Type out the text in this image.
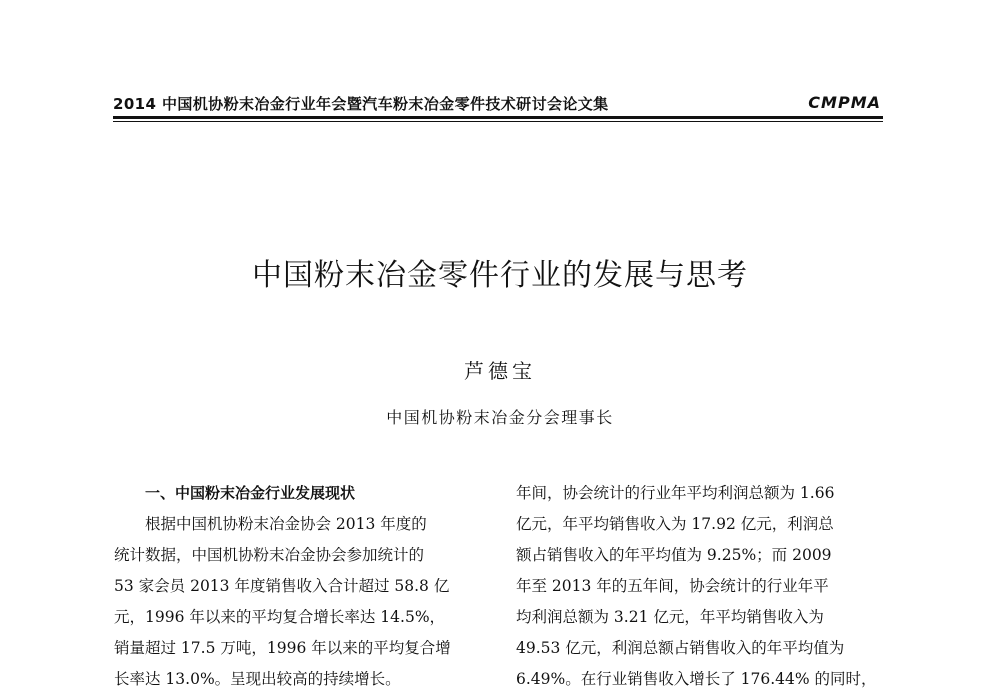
2014 中国机协粉末冶金行业年会暨汽车粉末冶金零件技术研讨会论文集	CMPMA
中国粉末冶金零件行业的发展与思考
芦德宝
中国机协粉末冶金分会理事长
一、中国粉末冶金行业发展现状
根据中国机协粉末冶金协会 2013 年度的
统计数据，中国机协粉末冶金协会参加统计的
53 家会员 2013 年度销售收入合计超过 58.8 亿
元，1996 年以来的平均复合增长率达 14.5%，
销量超过 17.5 万吨，1996 年以来的平均复合增
长率达 13.0%。呈现出较高的持续增长。
年间，协会统计的行业年平均利润总额为 1.66
亿元，年平均销售收入为 17.92 亿元，利润总
额占销售收入的年平均值为 9.25%；而 2009
年至 2013 年的五年间，协会统计的行业年平
均利润总额为 3.21 亿元，年平均销售收入为
49.53 亿元，利润总额占销售收入的年平均值为
6.49%。在行业销售收入增长了 176.44% 的同时，
